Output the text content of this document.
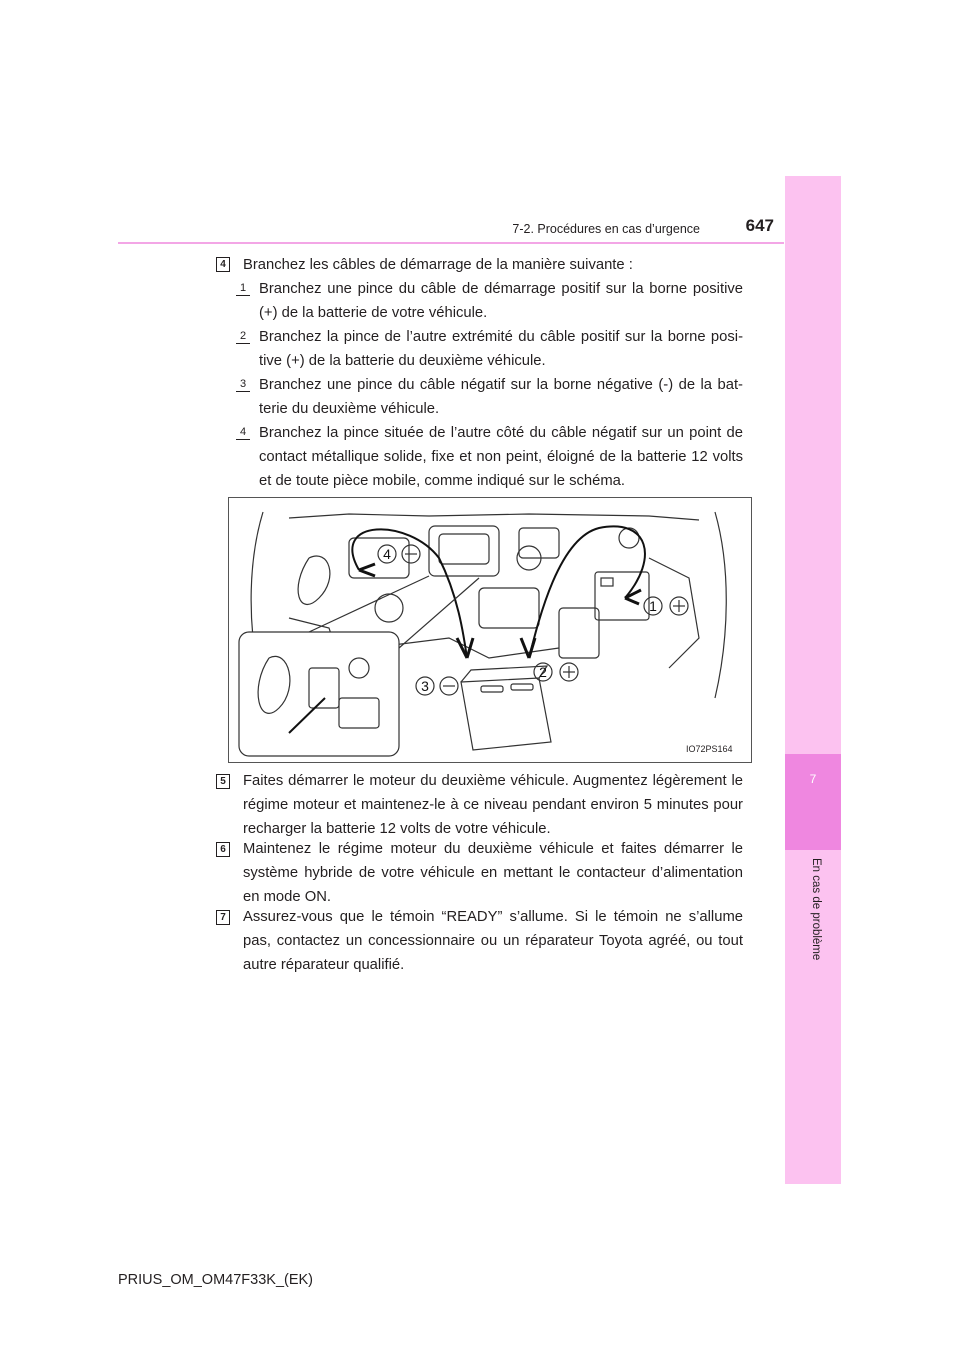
7
En cas de problème
7-2. Procédures en cas d’urgence	647
4 Branchez les câbles de démarrage de la manière suivante :
1 Branchez une pince du câble de démarrage positif sur la borne positive (+) de la batterie de votre véhicule.
2 Branchez la pince de l’autre extrémité du câble positif sur la borne posi-tive (+) de la batterie du deuxième véhicule.
3 Branchez une pince du câble négatif sur la borne négative (-) de la bat-terie du deuxième véhicule.
4 Branchez la pince située de l’autre côté du câble négatif sur un point de contact métallique solide, fixe et non peint, éloigné de la batterie 12 volts et de toute pièce mobile, comme indiqué sur le schéma.
4
1
2
3
IO72PS164
5 Faites démarrer le moteur du deuxième véhicule. Augmentez légèrement le régime moteur et maintenez-le à ce niveau pendant environ 5 minutes pour recharger la batterie 12 volts de votre véhicule.
6 Maintenez le régime moteur du deuxième véhicule et faites démarrer le système hybride de votre véhicule en mettant le contacteur d’alimentation en mode ON.
7 Assurez-vous que le témoin “READY” s’allume. Si le témoin ne s’allume pas, contactez un concessionnaire ou un réparateur Toyota agréé, ou tout autre réparateur qualifié.
PRIUS_OM_OM47F33K_(EK)
